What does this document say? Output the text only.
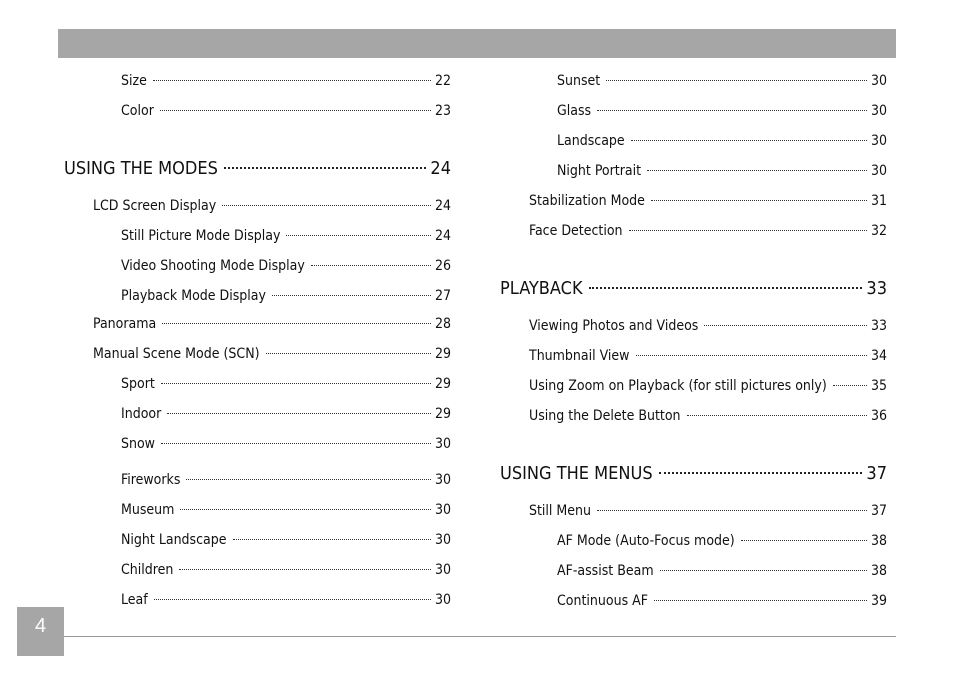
Size	22
Color	23
USING THE MODES	24
LCD Screen Display	24
Still Picture Mode Display	24
Video Shooting Mode Display	26
Playback Mode Display	27
Panorama	28
Manual Scene Mode (SCN)	29
Sport	29
Indoor	29
Snow	30
Fireworks	30
Museum	30
Night Landscape	30
Children	30
Leaf	30
Sunset	30
Glass	30
Landscape	30
Night Portrait	30
Stabilization Mode	31
Face Detection	32
PLAYBACK	33
Viewing Photos and Videos	33
Thumbnail View	34
Using Zoom on Playback (for still pictures only)	35
Using the Delete Button	36
USING THE MENUS	37
Still Menu	37
AF Mode (Auto-Focus mode)	38
AF-assist Beam	38
Continuous AF	39
4
